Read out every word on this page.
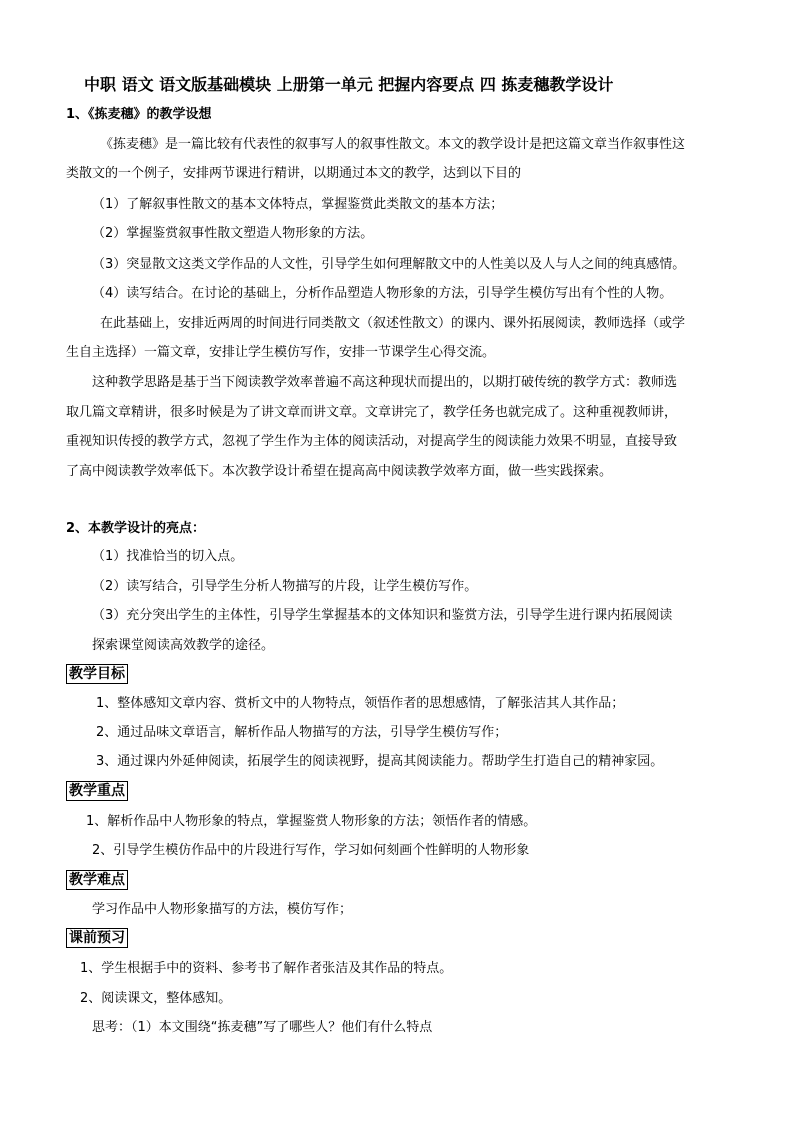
中职 语文 语文版基础模块 上册第一单元 把握内容要点 四 拣麦穗教学设计
1、《拣麦穗》的教学设想
《拣麦穗》是一篇比较有代表性的叙事写人的叙事性散文。本文的教学设计是把这篇文章当作叙事性这
类散文的一个例子，安排两节课进行精讲，以期通过本文的教学，达到以下目的
（1）了解叙事性散文的基本文体特点，掌握鉴赏此类散文的基本方法；
（2）掌握鉴赏叙事性散文塑造人物形象的方法。
（3）突显散文这类文学作品的人文性，引导学生如何理解散文中的人性美以及人与人之间的纯真感情。
（4）读写结合。在讨论的基础上，分析作品塑造人物形象的方法，引导学生模仿写出有个性的人物。
在此基础上，安排近两周的时间进行同类散文（叙述性散文）的课内、课外拓展阅读，教师选择（或学
生自主选择）一篇文章，安排让学生模仿写作，安排一节课学生心得交流。
这种教学思路是基于当下阅读教学效率普遍不高这种现状而提出的，以期打破传统的教学方式：教师选
取几篇文章精讲，很多时候是为了讲文章而讲文章。文章讲完了，教学任务也就完成了。这种重视教师讲，
重视知识传授的教学方式，忽视了学生作为主体的阅读活动，对提高学生的阅读能力效果不明显，直接导致
了高中阅读教学效率低下。本次教学设计希望在提高高中阅读教学效率方面，做一些实践探索。
2、本教学设计的亮点：
（1）找准恰当的切入点。
（2）读写结合，引导学生分析人物描写的片段，让学生模仿写作。
（3）充分突出学生的主体性，引导学生掌握基本的文体知识和鉴赏方法，引导学生进行课内拓展阅读
探索课堂阅读高效教学的途径。
教学目标
1、整体感知文章内容、赏析文中的人物特点，领悟作者的思想感情，了解张洁其人其作品；
2、通过品味文章语言，解析作品人物描写的方法，引导学生模仿写作；
3、通过课内外延伸阅读，拓展学生的阅读视野，提高其阅读能力。帮助学生打造自己的精神家园。
教学重点
1、解析作品中人物形象的特点，掌握鉴赏人物形象的方法；领悟作者的情感。
2、引导学生模仿作品中的片段进行写作，学习如何刻画个性鲜明的人物形象
教学难点
学习作品中人物形象描写的方法，模仿写作；
课前预习
1、学生根据手中的资料、参考书了解作者张洁及其作品的特点。
2、阅读课文，整体感知。
思考：（1）本文围绕“拣麦穗”写了哪些人？他们有什么特点
